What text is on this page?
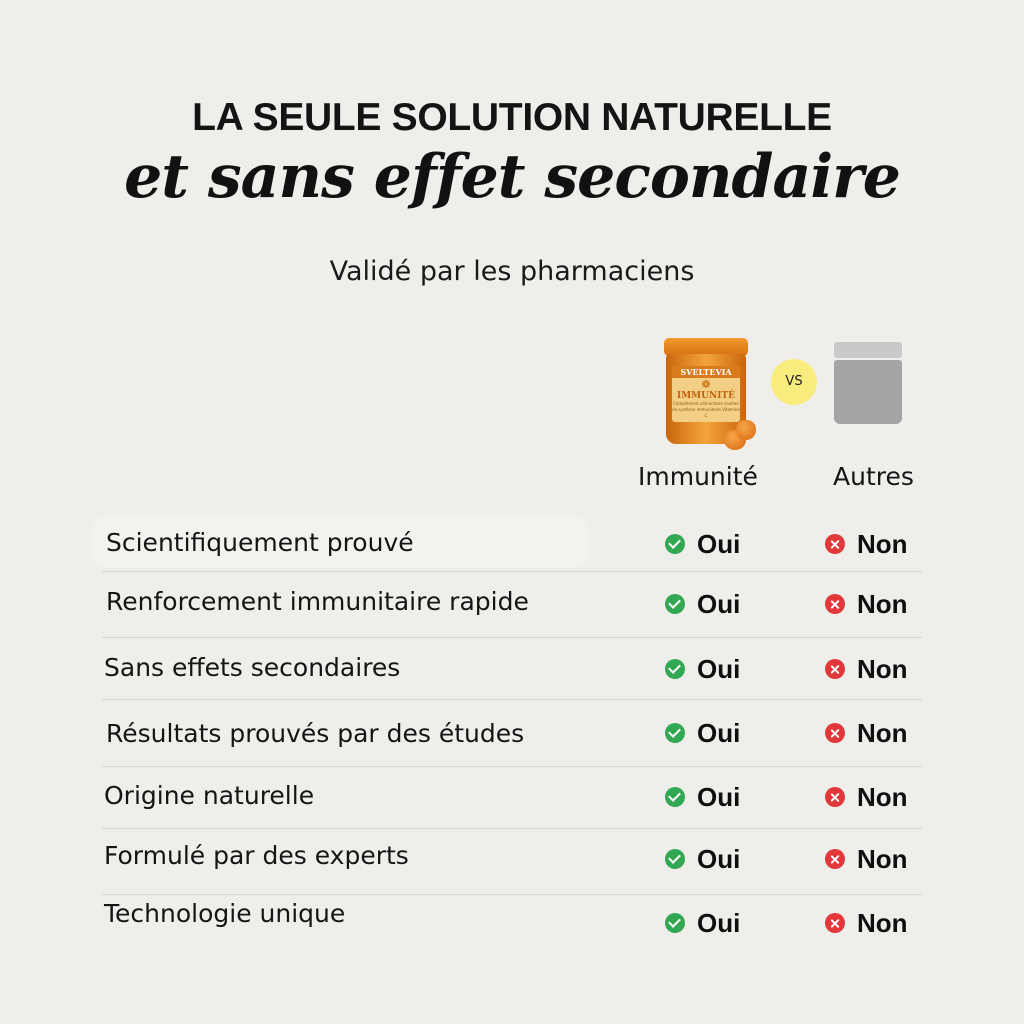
LA SEULE SOLUTION NATURELLE
et sans effet secondaire
Validé par les pharmaciens
SVELTEVIA
❁
IMMUNITÉ
Complément alimentaire soutien du système immunitaire Vitamine C
VS
Immunité	Autres
Scientifiquement prouvé	Oui	Non
Renforcement immunitaire rapide	Oui	Non
Sans effets secondaires	Oui	Non
Résultats prouvés par des études	Oui	Non
Origine naturelle	Oui	Non
Formulé par des experts	Oui	Non
Technologie unique	Oui	Non
